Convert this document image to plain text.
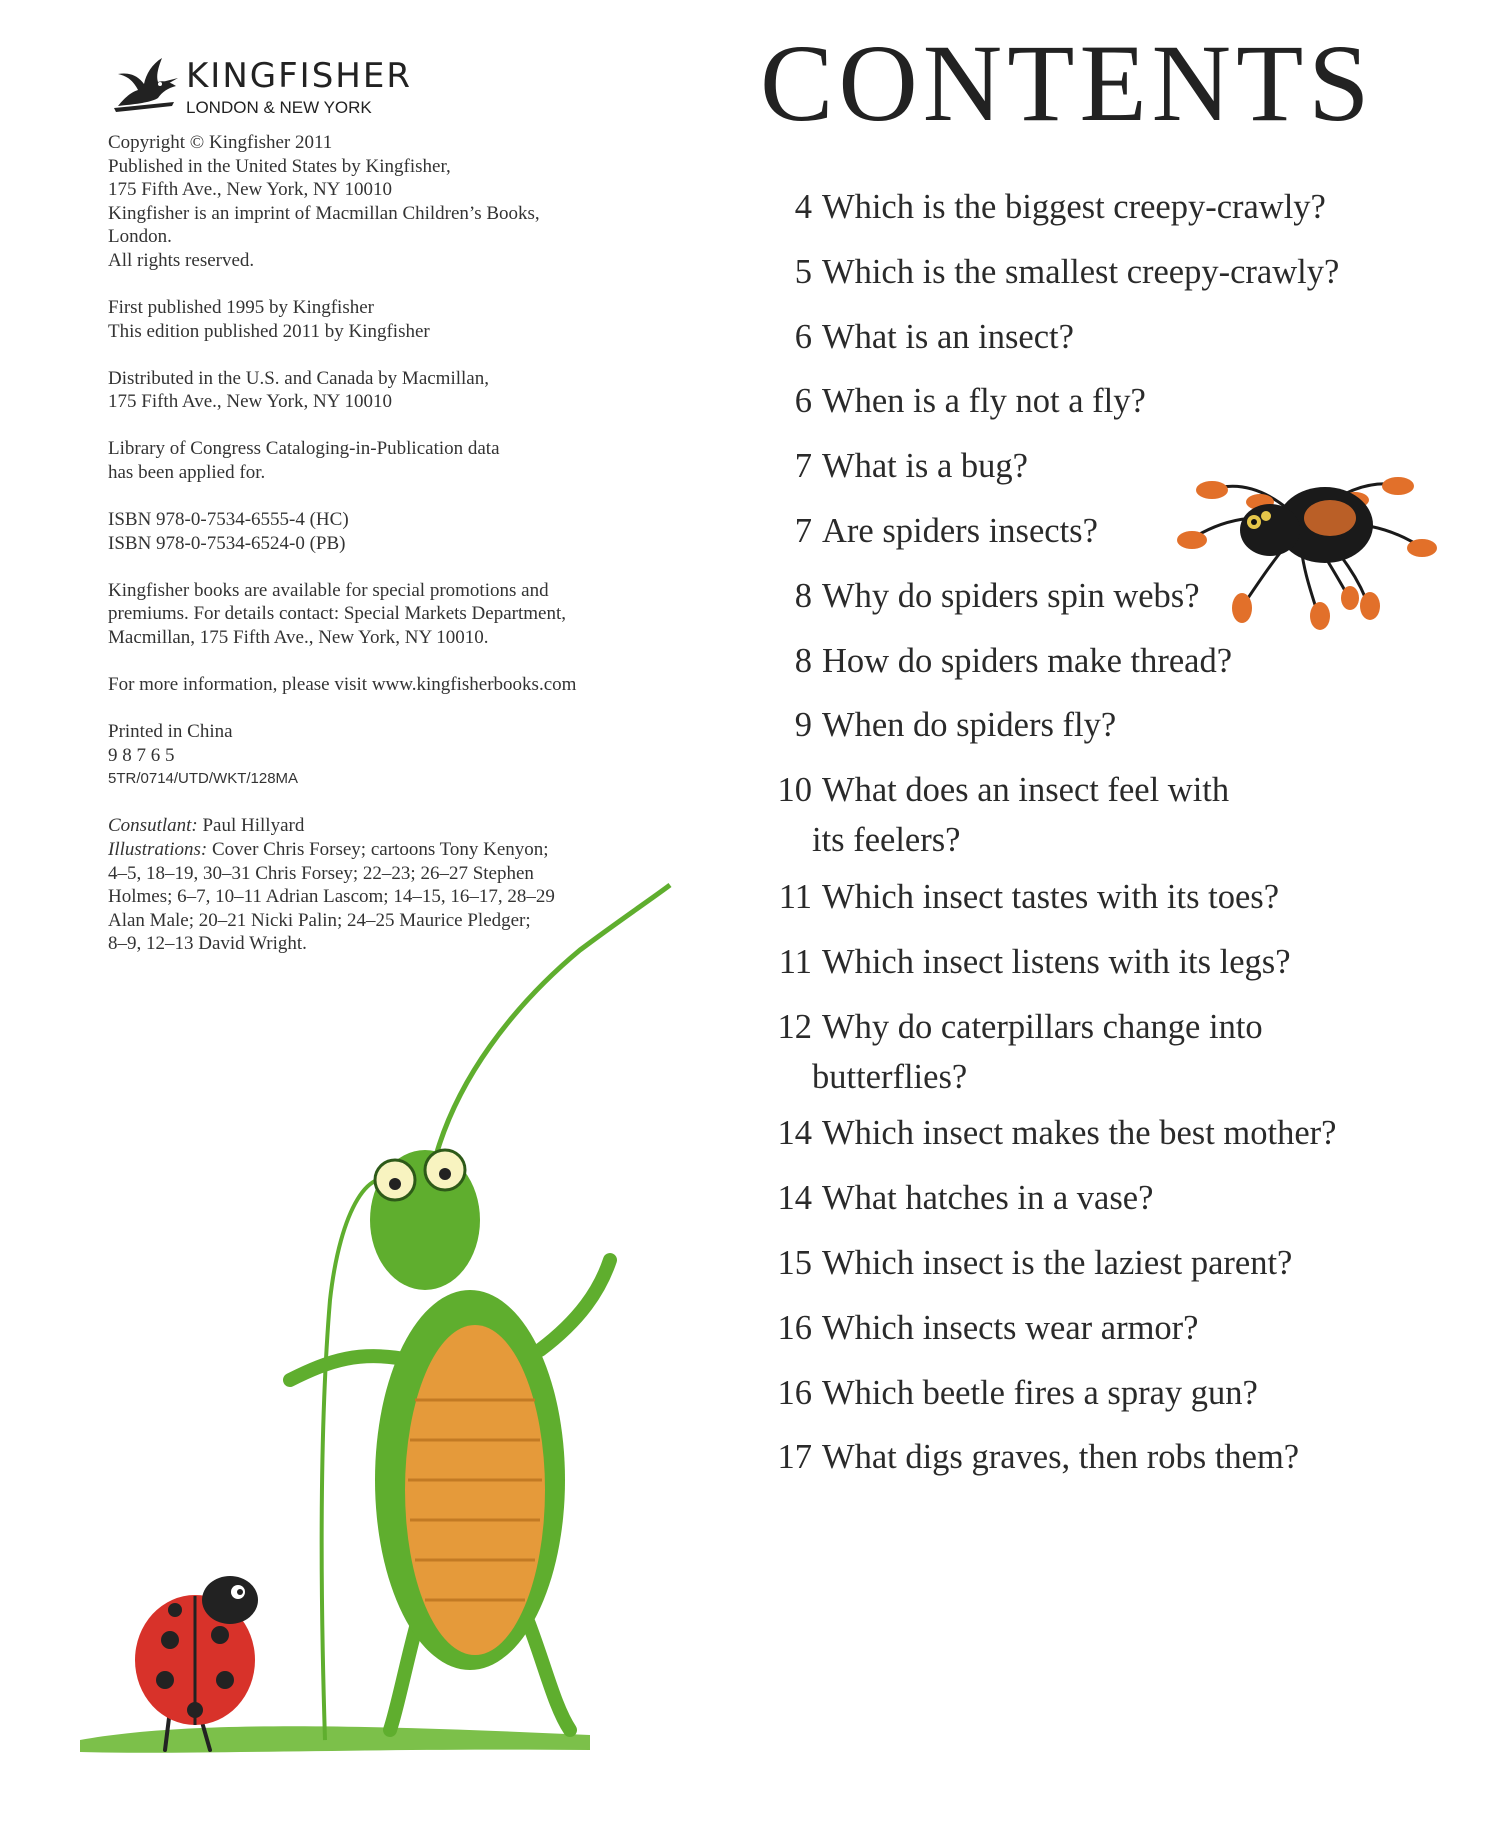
KINGFISHER
LONDON & NEW YORK
Copyright © Kingfisher 2011
Published in the United States by Kingfisher,
175 Fifth Ave., New York, NY 10010
Kingfisher is an imprint of Macmillan Children’s Books,
London.
All rights reserved.
First published 1995 by Kingfisher
This edition published 2011 by Kingfisher
Distributed in the U.S. and Canada by Macmillan,
175 Fifth Ave., New York, NY 10010
Library of Congress Cataloging-in-Publication data
has been applied for.
ISBN 978-0-7534-6555-4 (HC)
ISBN 978-0-7534-6524-0 (PB)
Kingfisher books are available for special promotions and
premiums. For details contact: Special Markets Department,
Macmillan, 175 Fifth Ave., New York, NY 10010.
For more information, please visit www.kingfisherbooks.com
Printed in China
9 8 7 6 5
5TR/0714/UTD/WKT/128MA
Consutlant: Paul Hillyard
Illustrations: Cover Chris Forsey; cartoons Tony Kenyon;
4–5, 18–19, 30–31 Chris Forsey; 22–23; 26–27 Stephen
Holmes; 6–7, 10–11 Adrian Lascom; 14–15, 16–17, 28–29
Alan Male; 20–21 Nicki Palin; 24–25 Maurice Pledger;
8–9, 12–13 David Wright.
CONTENTS
4 Which is the biggest creepy-crawly?
5 Which is the smallest creepy-crawly?
6 What is an insect?
6 When is a fly not a fly?
7 What is a bug?
7 Are spiders insects?
8 Why do spiders spin webs?
8 How do spiders make thread?
9 When do spiders fly?
10 What does an insect feel with
its feelers?
11 Which insect tastes with its toes?
11 Which insect listens with its legs?
12 Why do caterpillars change into
butterflies?
14 Which insect makes the best mother?
14 What hatches in a vase?
15 Which insect is the laziest parent?
16 Which insects wear armor?
16 Which beetle fires a spray gun?
17 What digs graves, then robs them?
